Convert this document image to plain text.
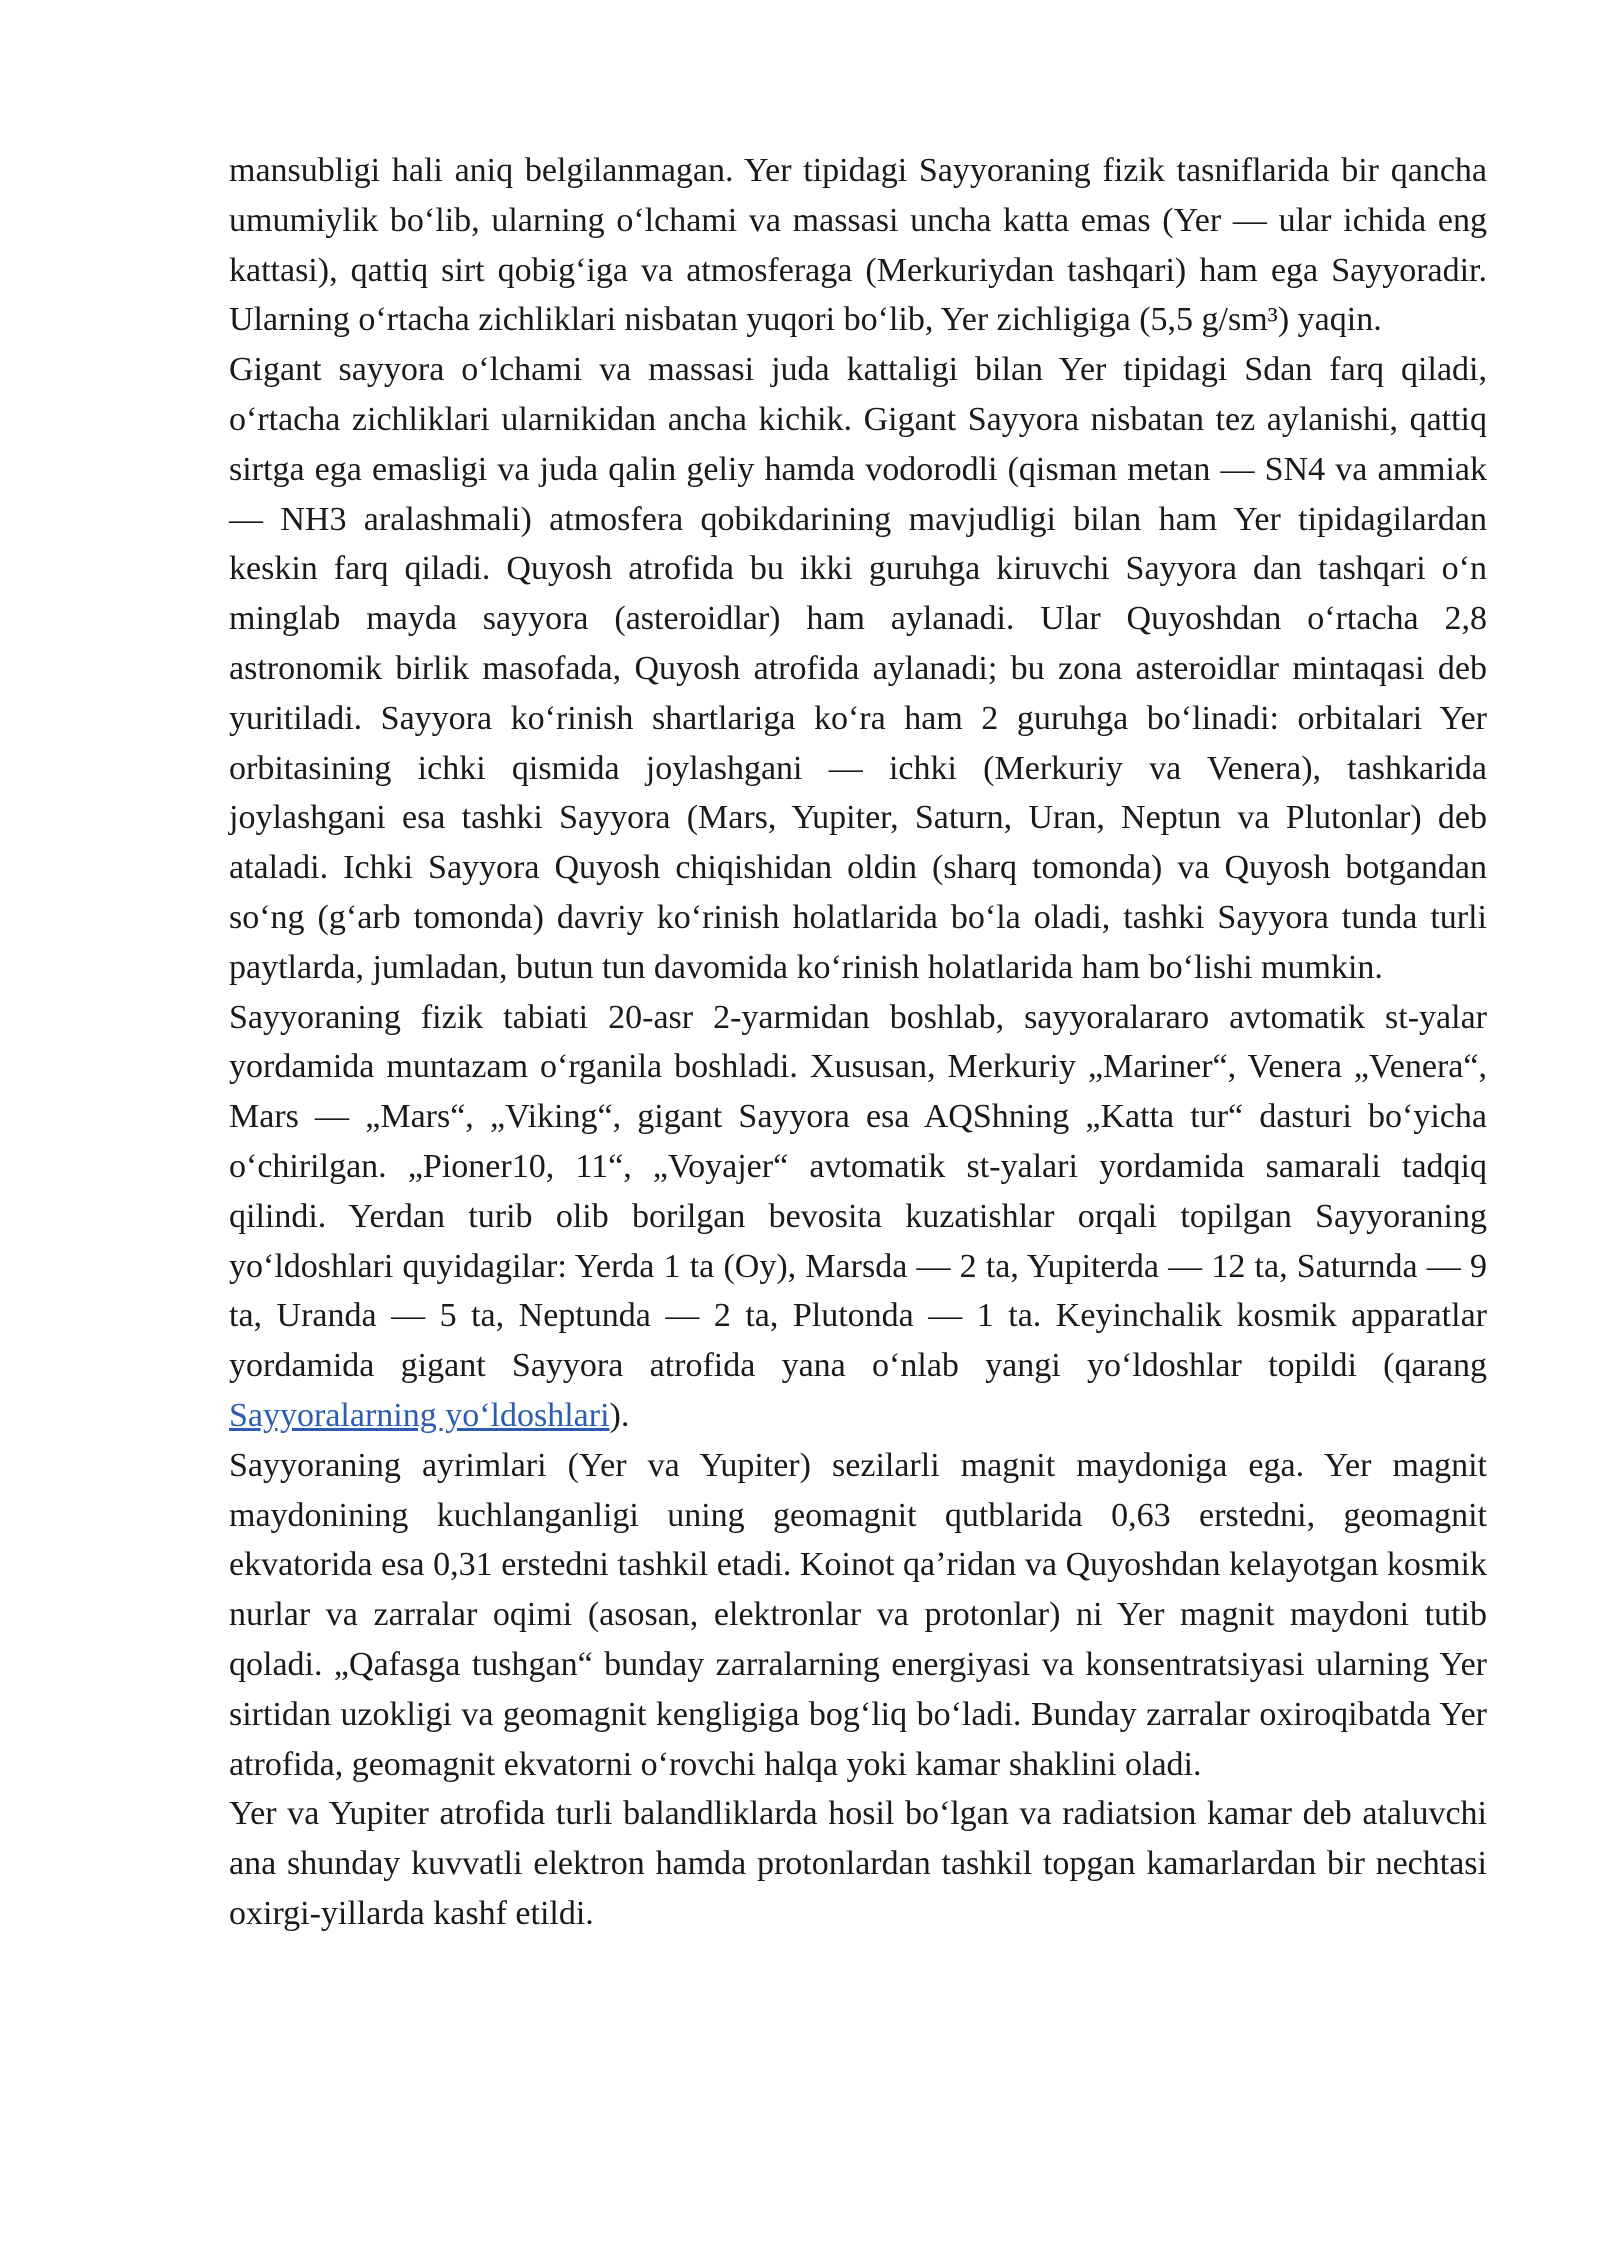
mansubligi hali aniq belgilanmagan. Yer tipidagi Sayyoraning fizik tasniflarida bir qancha umumiylik boʻlib, ularning oʻlchami va massasi uncha katta emas (Yer — ular ichida eng kattasi), qattiq sirt qobigʻiga va atmosferaga (Merkuriydan tashqari) ham ega Sayyoradir. Ularning oʻrtacha zichliklari nisbatan yuqori boʻlib, Yer zichligiga (5,5 g/sm³) yaqin.

Gigant sayyora oʻlchami va massasi juda kattaligi bilan Yer tipidagi Sdan farq qiladi, oʻrtacha zichliklari ularnikidan ancha kichik. Gigant Sayyora nisbatan tez aylanishi, qattiq sirtga ega emasligi va juda qalin geliy hamda vodorodli (qisman metan — SN4 va ammiak — NH3 aralashmali) atmosfera qobikdarining mavjudligi bilan ham Yer tipidagilardan keskin farq qiladi. Quyosh atrofida bu ikki guruhga kiruvchi Sayyora dan tashqari oʻn minglab mayda sayyora (asteroidlar) ham aylanadi. Ular Quyoshdan oʻrtacha 2,8 astronomik birlik masofada, Quyosh atrofida aylanadi; bu zona asteroidlar mintaqasi deb yuritiladi. Sayyora koʻrinish shartlariga koʻra ham 2 guruhga boʻlinadi: orbitalari Yer orbitasining ichki qismida joylashgani — ichki (Merkuriy va Venera), tashkarida joylashgani esa tashki Sayyora (Mars, Yupiter, Saturn, Uran, Neptun va Plutonlar) deb ataladi. Ichki Sayyora Quyosh chiqishidan oldin (sharq tomonda) va Quyosh botgandan soʻng (gʻarb tomonda) davriy koʻrinish holatlarida boʻla oladi, tashki Sayyora tunda turli paytlarda, jumladan, butun tun davomida koʻrinish holatlarida ham boʻlishi mumkin.

Sayyoraning fizik tabiati 20-asr 2-yarmidan boshlab, sayyoralararo avtomatik st-yalar yordamida muntazam oʻrganila boshladi. Xususan, Merkuriy „Mariner“, Venera „Venera“, Mars — „Mars“, „Viking“, gigant Sayyora esa AQShning „Katta tur“ dasturi boʻyicha oʻchirilgan. „Pioner10, 11“, „Voyajer“ avtomatik st-yalari yordamida samarali tadqiq qilindi. Yerdan turib olib borilgan bevosita kuzatishlar orqali topilgan Sayyoraning yoʻldoshlari quyidagilar: Yerda 1 ta (Oy), Marsda — 2 ta, Yupiterda — 12 ta, Saturnda — 9 ta, Uranda — 5 ta, Neptunda — 2 ta, Plutonda — 1 ta. Keyinchalik kosmik apparatlar yordamida gigant Sayyora atrofida yana oʻnlab yangi yoʻldoshlar topildi (qarang Sayyoralarning yoʻldoshlari).

Sayyoraning ayrimlari (Yer va Yupiter) sezilarli magnit maydoniga ega. Yer magnit maydonining kuchlanganligi uning geomagnit qutblarida 0,63 erstedni, geomagnit ekvatorida esa 0,31 erstedni tashkil etadi. Koinot qaʼridan va Quyoshdan kelayotgan kosmik nurlar va zarralar oqimi (asosan, elektronlar va protonlar) ni Yer magnit maydoni tutib qoladi. „Qafasga tushgan“ bunday zarralarning energiyasi va konsentratsiyasi ularning Yer sirtidan uzokligi va geomagnit kengligiga bogʻliq boʻladi. Bunday zarralar oxiroqibatda Yer atrofida, geomagnit ekvatorni oʻrovchi halqa yoki kamar shaklini oladi.

Yer va Yupiter atrofida turli balandliklarda hosil boʻlgan va radiatsion kamar deb ataluvchi ana shunday kuvvatli elektron hamda protonlardan tashkil topgan kamarlardan bir nechtasi oxirgi-yillarda kashf etildi.
